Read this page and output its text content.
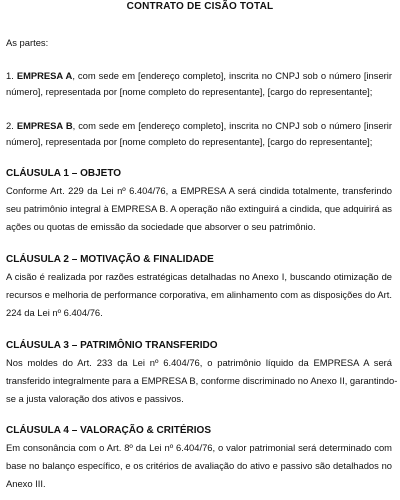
CONTRATO DE CISÃO TOTAL
As partes:
1. EMPRESA A, com sede em [endereço completo], inscrita no CNPJ sob o número [inserir
número], representada por [nome completo do representante], [cargo do representante];
2. EMPRESA B, com sede em [endereço completo], inscrita no CNPJ sob o número [inserir
número], representada por [nome completo do representante], [cargo do representante];
CLÁUSULA 1 – OBJETO
Conforme Art. 229 da Lei nº 6.404/76, a EMPRESA A será cindida totalmente, transferindo
seu patrimônio integral à EMPRESA B. A operação não extinguirá a cindida, que adquirirá as
ações ou quotas de emissão da sociedade que absorver o seu patrimônio.
CLÁUSULA 2 – MOTIVAÇÃO & FINALIDADE
A cisão é realizada por razões estratégicas detalhadas no Anexo I, buscando otimização de
recursos e melhoria de performance corporativa, em alinhamento com as disposições do Art.
224 da Lei nº 6.404/76.
CLÁUSULA 3 – PATRIMÔNIO TRANSFERIDO
Nos moldes do Art. 233 da Lei nº 6.404/76, o patrimônio líquido da EMPRESA A será
transferido integralmente para a EMPRESA B, conforme discriminado no Anexo II, garantindo-
se a justa valoração dos ativos e passivos.
CLÁUSULA 4 – VALORAÇÃO & CRITÉRIOS
Em consonância com o Art. 8º da Lei nº 6.404/76, o valor patrimonial será determinado com
base no balanço específico, e os critérios de avaliação do ativo e passivo são detalhados no
Anexo III.
